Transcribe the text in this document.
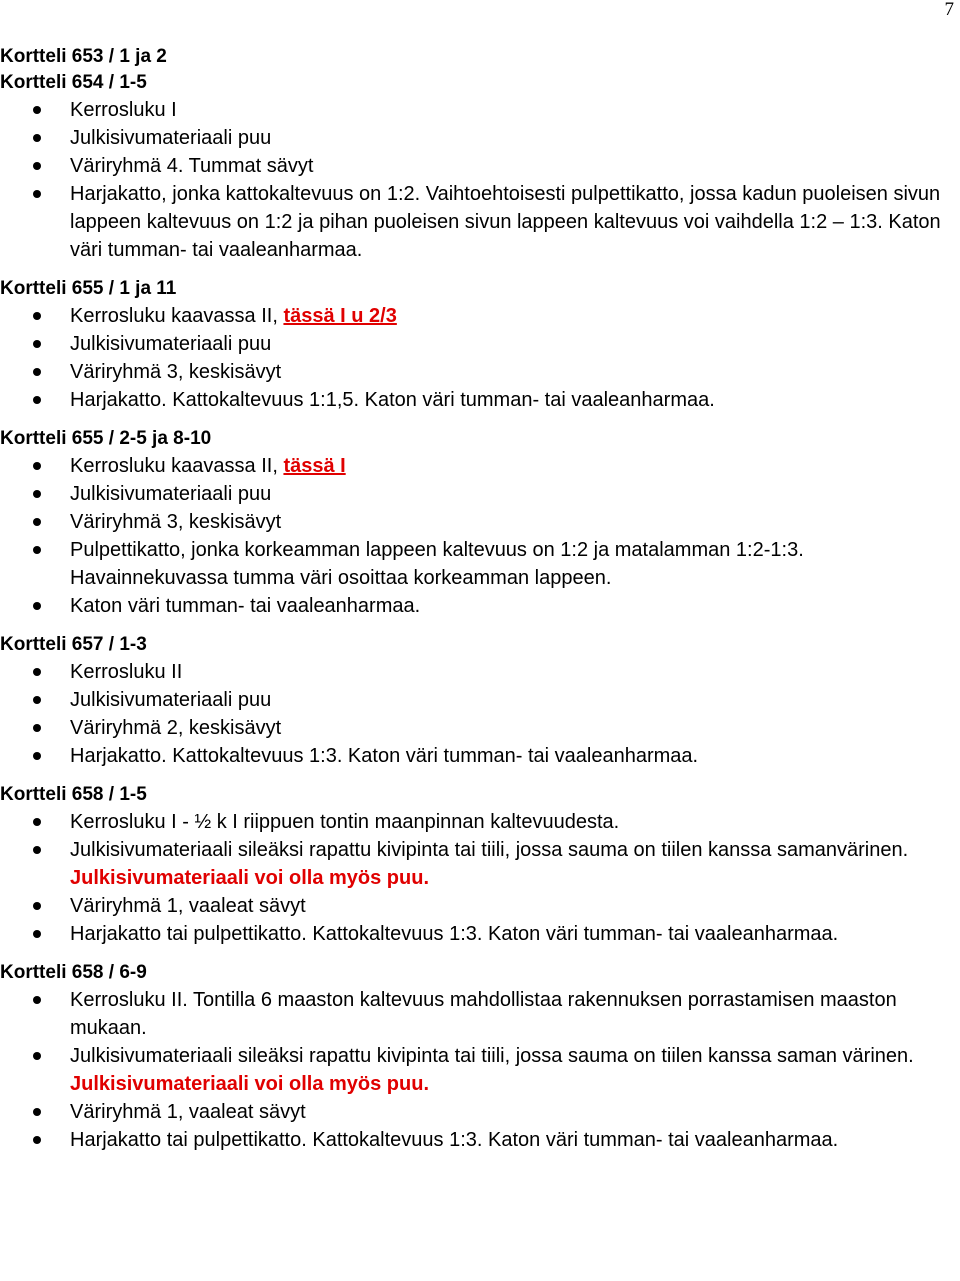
7
Kortteli 653 / 1 ja 2
Kortteli 654 / 1-5
Kerrosluku I
Julkisivumateriaali puu
Väriryhmä 4. Tummat sävyt
Harjakatto, jonka kattokaltevuus on 1:2. Vaihtoehtoisesti pulpettikatto, jossa kadun puoleisen sivun lappeen kaltevuus on 1:2 ja pihan puoleisen sivun lappeen kaltevuus voi vaihdella 1:2 – 1:3. Katon väri tumman- tai vaaleanharmaa.
Kortteli 655 / 1 ja 11
Kerrosluku kaavassa II, tässä I u 2/3
Julkisivumateriaali puu
Väriryhmä 3, keskisävyt
Harjakatto. Kattokaltevuus 1:1,5. Katon väri tumman- tai vaaleanharmaa.
Kortteli 655 / 2-5 ja 8-10
Kerrosluku kaavassa II, tässä I
Julkisivumateriaali puu
Väriryhmä 3, keskisävyt
Pulpettikatto, jonka korkeamman lappeen kaltevuus on 1:2 ja matalamman 1:2-1:3. Havainnekuvassa tumma väri osoittaa korkeamman lappeen.
Katon väri tumman- tai vaaleanharmaa.
Kortteli 657 / 1-3
Kerrosluku II
Julkisivumateriaali puu
Väriryhmä 2, keskisävyt
Harjakatto. Kattokaltevuus 1:3. Katon väri tumman- tai vaaleanharmaa.
Kortteli 658 / 1-5
Kerrosluku I - ½ k I riippuen tontin maanpinnan kaltevuudesta.
Julkisivumateriaali sileäksi rapattu kivipinta tai tiili, jossa sauma on tiilen kanssa samanvärinen. Julkisivumateriaali voi olla myös puu.
Väriryhmä 1, vaaleat sävyt
Harjakatto tai pulpettikatto. Kattokaltevuus 1:3. Katon väri tumman- tai vaaleanharmaa.
Kortteli 658 / 6-9
Kerrosluku II. Tontilla 6 maaston kaltevuus mahdollistaa rakennuksen porrastamisen maaston mukaan.
Julkisivumateriaali sileäksi rapattu kivipinta tai tiili, jossa sauma on tiilen kanssa saman värinen. Julkisivumateriaali voi olla myös puu.
Väriryhmä 1, vaaleat sävyt
Harjakatto tai pulpettikatto. Kattokaltevuus 1:3. Katon väri tumman- tai vaaleanharmaa.
